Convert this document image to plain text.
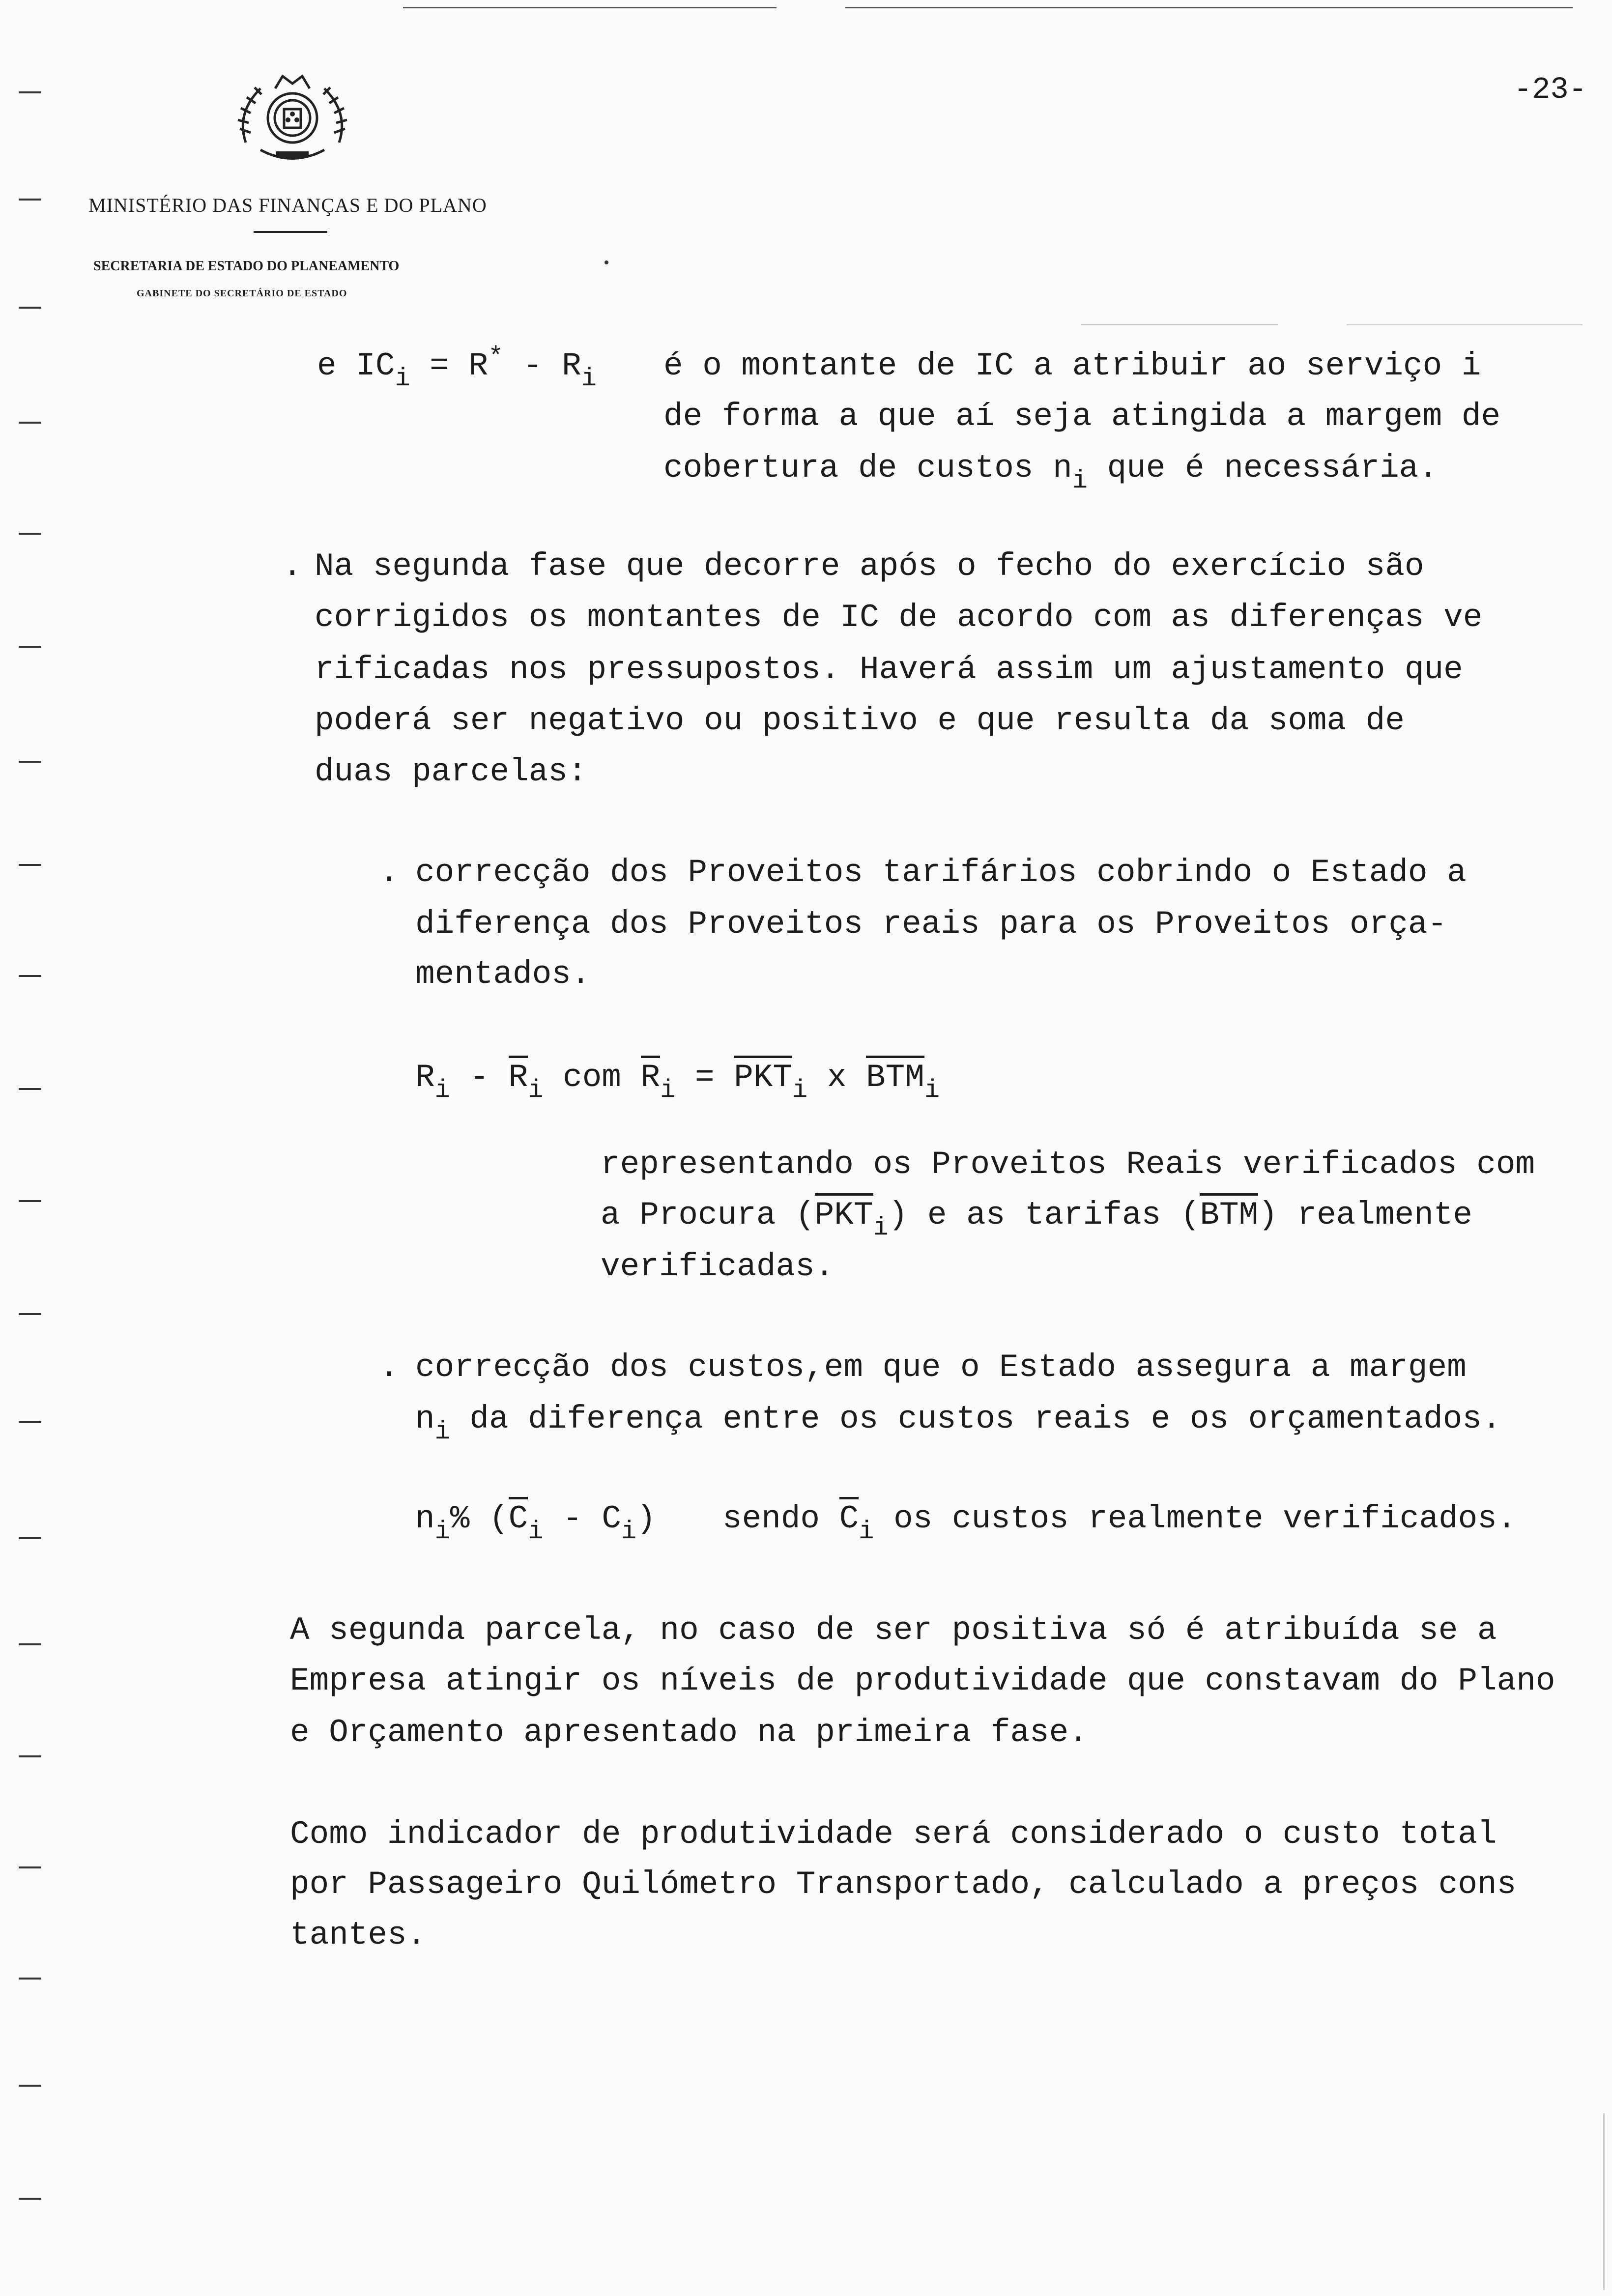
-23-
MINISTÉRIO DAS FINANÇAS E DO PLANO
SECRETARIA DE ESTADO DO PLANEAMENTO
GABINETE DO SECRETÁRIO DE ESTADO
e $IC_i = R^* - R_i$ é o montante de IC a atribuir ao serviço i
de forma a que aí seja atingida a margem de
cobertura de custos $n_i$ que é necessária.
. Na segunda fase que decorre após o fecho do exercício são
corrigidos os montantes de IC de acordo com as diferenças ve
rificadas nos pressupostos. Haverá assim um ajustamento que
poderá ser negativo ou positivo e que resulta da soma de
duas parcelas:
. correcção dos Proveitos tarifários cobrindo o Estado a
diferença dos Proveitos reais para os Proveitos orça-
mentados.
$R_i - R_i$ com $R_i = PKT_i$ x $BTM_i$
representando os Proveitos Reais verificados com
a Procura $(PKT_i)$ e as tarifas (BTM) realmente
verificadas.
. correcção dos custos,em que o Estado assegura a margem
$n_i$ da diferença entre os custos reais e os orçamentados.
$n_i\%$ $(C_i - C_i)$ sendo $C_i$ os custos realmente verificados.
A segunda parcela, no caso de ser positiva só é atribuída se a
Empresa atingir os níveis de produtividade que constavam do Plano
e Orçamento apresentado na primeira fase.
Como indicador de produtividade será considerado o custo total
por Passageiro Quilómetro Transportado, calculado a preços cons
tantes.
